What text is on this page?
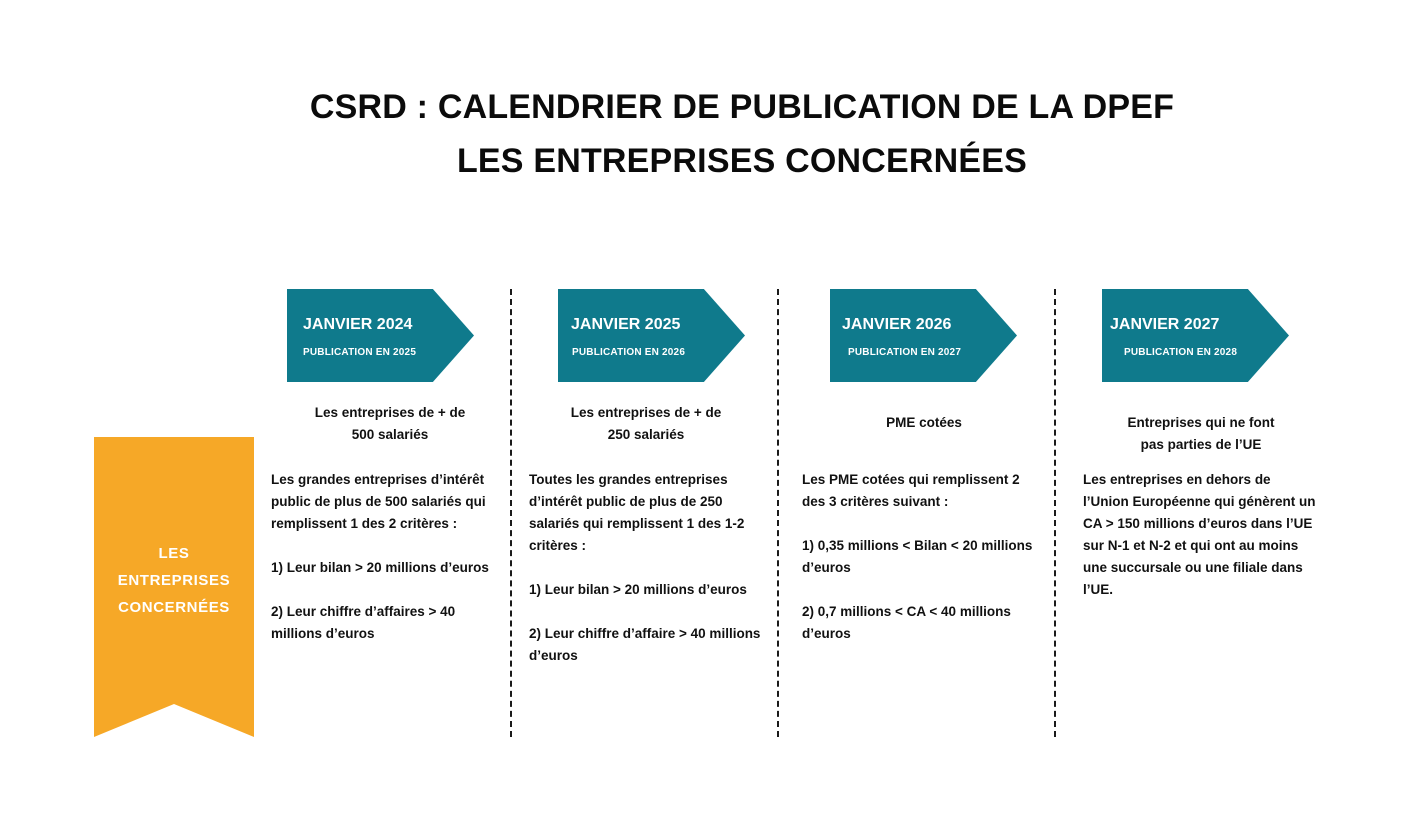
CSRD : CALENDRIER DE PUBLICATION DE LA DPEF
LES ENTREPRISES CONCERNÉES
LES
ENTREPRISES
CONCERNÉES
JANVIER 2024
PUBLICATION EN 2025
Les entreprises de + de
500 salariés

Les grandes entreprises d’intérêt public de plus de 500 salariés qui remplissent 1 des 2 critères :

1) Leur bilan > 20 millions d’euros

2) Leur chiffre d’affaires > 40 millions d’euros

JANVIER 2025
PUBLICATION EN 2026
Les entreprises de + de
250 salariés

Toutes les grandes entreprises d’intérêt public de plus de 250 salariés qui remplissent 1 des 1-2 critères :

1) Leur bilan > 20 millions d’euros

2) Leur chiffre d’affaire > 40 millions d’euros

JANVIER 2026
PUBLICATION EN 2027
PME cotées

Les PME cotées qui remplissent 2 des 3 critères suivant :

1) 0,35 millions < Bilan < 20 millions d’euros

2) 0,7 millions < CA < 40 millions d’euros

JANVIER 2027
PUBLICATION EN 2028
Entreprises qui ne font
pas parties de l’UE

Les entreprises en dehors de l’Union Européenne qui génèrent un CA > 150 millions d’euros dans l’UE sur N-1 et N-2 et qui ont au moins une succursale ou une filiale dans l’UE.
